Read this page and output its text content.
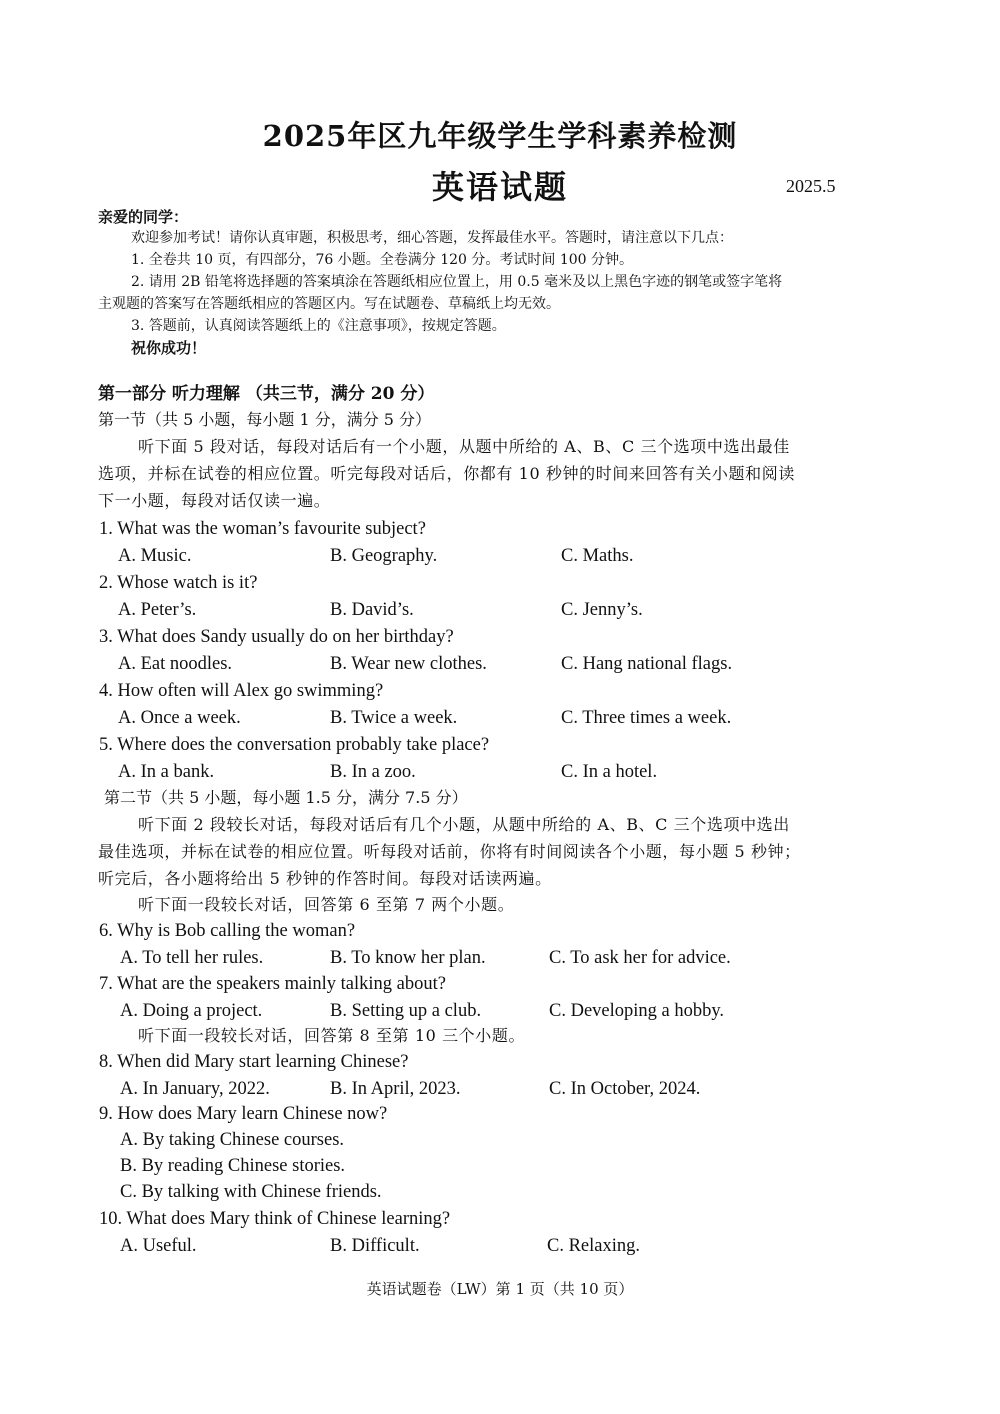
2025年区九年级学生学科素养检测
英语试题	2025.5
亲爱的同学：
欢迎参加考试！请你认真审题，积极思考，细心答题，发挥最佳水平。答题时，请注意以下几点：
1. 全卷共 10 页，有四部分，76 小题。全卷满分 120 分。考试时间 100 分钟。
2. 请用 2B 铅笔将选择题的答案填涂在答题纸相应位置上，用 0.5 毫米及以上黑色字迹的钢笔或签字笔将
主观题的答案写在答题纸相应的答题区内。写在试题卷、草稿纸上均无效。
3. 答题前，认真阅读答题纸上的《注意事项》，按规定答题。
祝你成功！
第一部分 听力理解 （共三节，满分 20 分）
第一节（共 5 小题，每小题 1 分，满分 5 分）
听下面 5 段对话，每段对话后有一个小题，从题中所给的 A、B、C 三个选项中选出最佳
选项，并标在试卷的相应位置。听完每段对话后，你都有 10 秒钟的时间来回答有关小题和阅读
下一小题，每段对话仅读一遍。
1. What was the woman’s favourite subject?
A. Music.	B. Geography.	C. Maths.
2. Whose watch is it?
A. Peter’s.	B. David’s.	C. Jenny’s.
3. What does Sandy usually do on her birthday?
A. Eat noodles.	B. Wear new clothes.	C. Hang national flags.
4. How often will Alex go swimming?
A. Once a week.	B. Twice a week.	C. Three times a week.
5. Where does the conversation probably take place?
A. In a bank.	B. In a zoo.	C. In a hotel.
第二节（共 5 小题，每小题 1.5 分，满分 7.5 分）
听下面 2 段较长对话，每段对话后有几个小题，从题中所给的 A、B、C 三个选项中选出
最佳选项，并标在试卷的相应位置。听每段对话前，你将有时间阅读各个小题，每小题 5 秒钟；
听完后，各小题将给出 5 秒钟的作答时间。每段对话读两遍。
听下面一段较长对话，回答第 6 至第 7 两个小题。
6. Why is Bob calling the woman?
A. To tell her rules.	B. To know her plan.	C. To ask her for advice.
7. What are the speakers mainly talking about?
A. Doing a project.	B. Setting up a club.	C. Developing a hobby.
听下面一段较长对话，回答第 8 至第 10 三个小题。
8. When did Mary start learning Chinese?
A. In January, 2022.	B. In April, 2023.	C. In October, 2024.
9. How does Mary learn Chinese now?
A. By taking Chinese courses.
B. By reading Chinese stories.
C. By talking with Chinese friends.
10. What does Mary think of Chinese learning?
A. Useful.	B. Difficult.	C. Relaxing.
英语试题卷（LW）第 1 页（共 10 页）
